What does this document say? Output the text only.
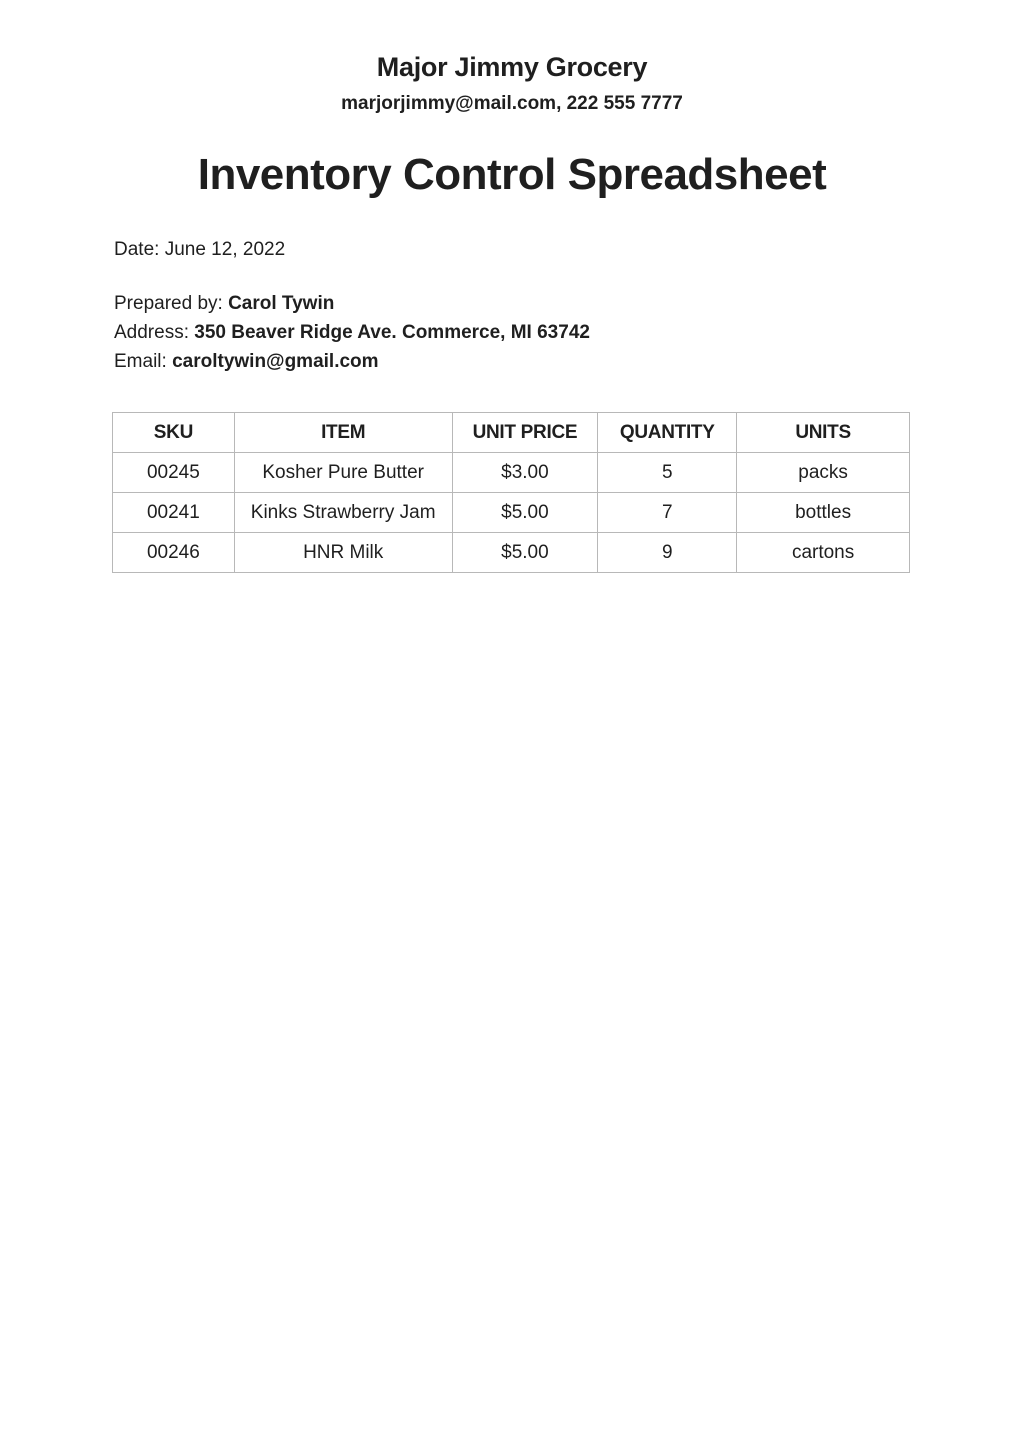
Major Jimmy Grocery
marjorjimmy@mail.com, 222 555 7777
Inventory Control Spreadsheet
Date: June 12, 2022
Prepared by: Carol Tywin
Address: 350 Beaver Ridge Ave. Commerce, MI 63742
Email: caroltywin@gmail.com
SKU	ITEM	UNIT PRICE	QUANTITY	UNITS
00245	Kosher Pure Butter	$3.00	5	packs
00241	Kinks Strawberry Jam	$5.00	7	bottles
00246	HNR Milk	$5.00	9	cartons
